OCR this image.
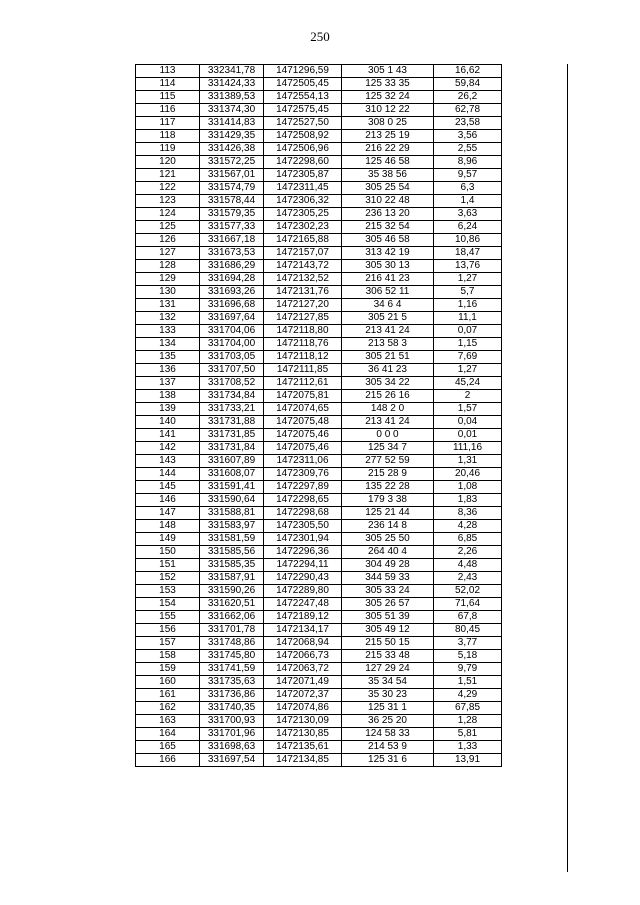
250
113	332341,78	1471296,59	305 1 43	16,62
114	331424,33	1472505,45	125 33 35	59,84
115	331389,53	1472554,13	125 32 24	26,2
116	331374,30	1472575,45	310 12 22	62,78
117	331414,83	1472527,50	308 0 25	23,58
118	331429,35	1472508,92	213 25 19	3,56
119	331426,38	1472506,96	216 22 29	2,55
120	331572,25	1472298,60	125 46 58	8,96
121	331567,01	1472305,87	35 38 56	9,57
122	331574,79	1472311,45	305 25 54	6,3
123	331578,44	1472306,32	310 22 48	1,4
124	331579,35	1472305,25	236 13 20	3,63
125	331577,33	1472302,23	215 32 54	6,24
126	331667,18	1472165,88	305 46 58	10,86
127	331673,53	1472157,07	313 42 19	18,47
128	331686,29	1472143,72	305 30 13	13,76
129	331694,28	1472132,52	216 41 23	1,27
130	331693,26	1472131,76	306 52 11	5,7
131	331696,68	1472127,20	34 6 4	1,16
132	331697,64	1472127,85	305 21 5	11,1
133	331704,06	1472118,80	213 41 24	0,07
134	331704,00	1472118,76	213 58 3	1,15
135	331703,05	1472118,12	305 21 51	7,69
136	331707,50	1472111,85	36 41 23	1,27
137	331708,52	1472112,61	305 34 22	45,24
138	331734,84	1472075,81	215 26 16	2
139	331733,21	1472074,65	148 2 0	1,57
140	331731,88	1472075,48	213 41 24	0,04
141	331731,85	1472075,46	0 0 0	0,01
142	331731,84	1472075,46	125 34 7	111,16
143	331607,89	1472311,06	277 52 59	1,31
144	331608,07	1472309,76	215 28 9	20,46
145	331591,41	1472297,89	135 22 28	1,08
146	331590,64	1472298,65	179 3 38	1,83
147	331588,81	1472298,68	125 21 44	8,36
148	331583,97	1472305,50	236 14 8	4,28
149	331581,59	1472301,94	305 25 50	6,85
150	331585,56	1472296,36	264 40 4	2,26
151	331585,35	1472294,11	304 49 28	4,48
152	331587,91	1472290,43	344 59 33	2,43
153	331590,26	1472289,80	305 33 24	52,02
154	331620,51	1472247,48	305 26 57	71,64
155	331662,06	1472189,12	305 51 39	67,8
156	331701,78	1472134,17	305 49 12	80,45
157	331748,86	1472068,94	215 50 15	3,77
158	331745,80	1472066,73	215 33 48	5,18
159	331741,59	1472063,72	127 29 24	9,79
160	331735,63	1472071,49	35 34 54	1,51
161	331736,86	1472072,37	35 30 23	4,29
162	331740,35	1472074,86	125 31 1	67,85
163	331700,93	1472130,09	36 25 20	1,28
164	331701,96	1472130,85	124 58 33	5,81
165	331698,63	1472135,61	214 53 9	1,33
166	331697,54	1472134,85	125 31 6	13,91
